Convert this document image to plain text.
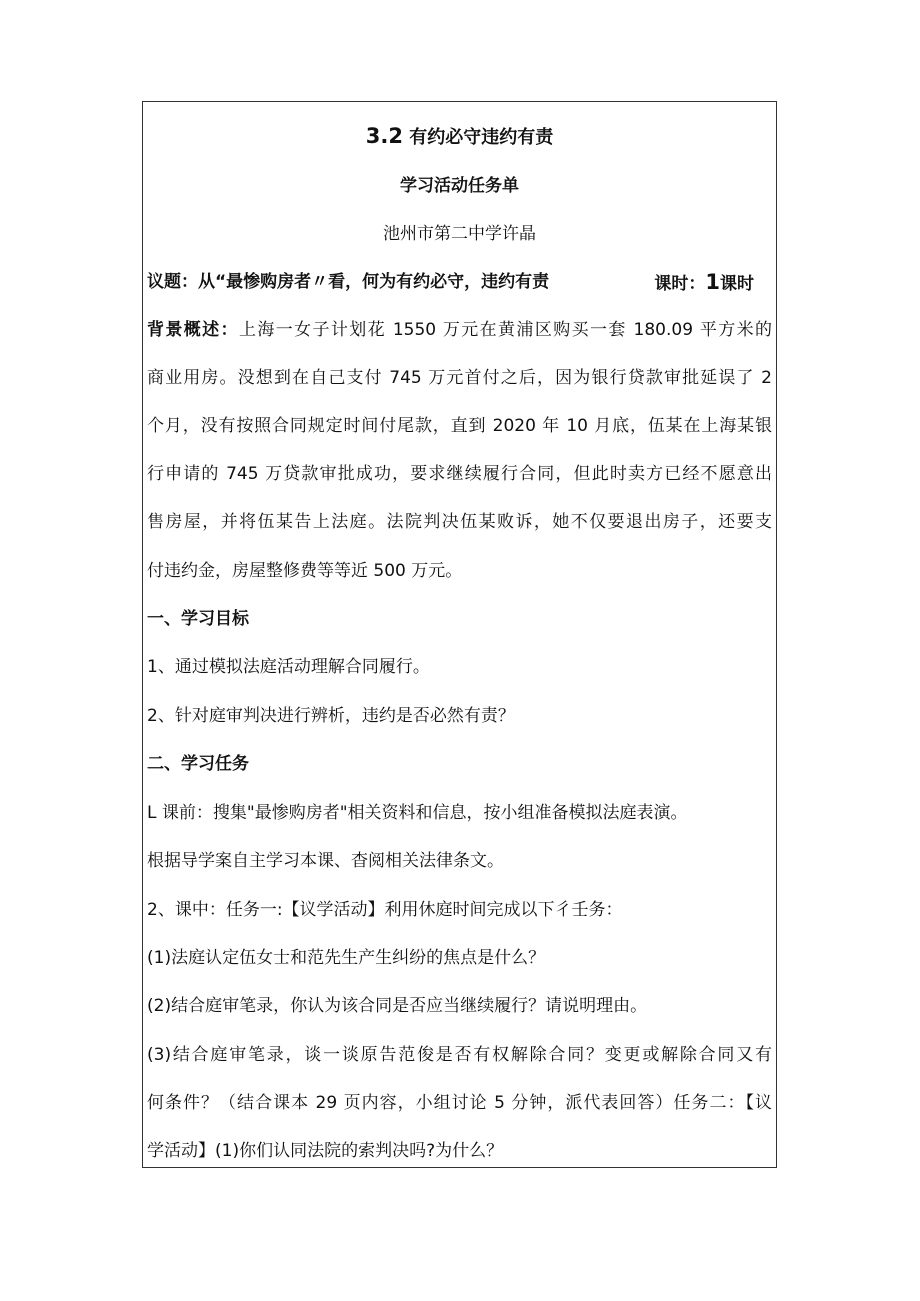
3.2 有约必守违约有责
学习活动任务单
池州市第二中学许晶
议题：从“最惨购房者〃看，何为有约必守，违约有责	课时：1课时
背景概述：上海一女子计划花 1550 万元在黄浦区购买一套 180.09 平方米的
商业用房。没想到在自己支付 745 万元首付之后，因为银行贷款审批延误了 2
个月，没有按照合同规定时间付尾款，直到 2020 年 10 月底，伍某在上海某银
行申请的 745 万贷款审批成功，要求继续履行合同，但此时卖方已经不愿意出
售房屋，并将伍某告上法庭。法院判决伍某败诉，她不仅要退出房子，还要支
付违约金，房屋整修费等等近 500 万元。
一、学习目标
1、通过模拟法庭活动理解合同履行。
2、针对庭审判决进行辨析，违约是否必然有责？
二、学习任务
L 课前：搜集"最惨购房者"相关资料和信息，按小组准备模拟法庭表演。
根据导学案自主学习本课、杳阅相关法律条文。
2、课中：任务一:【议学活动】利用休庭时间完成以下彳壬务：
(1)法庭认定伍女士和范先生产生纠纷的焦点是什么？
(2)结合庭审笔录，你认为该合同是否应当继续履行？请说明理由。
(3)结合庭审笔录，谈一谈原告范俊是否有权解除合同？变更或解除合同又有
何条件？（结合课本 29 页内容，小组讨论 5 分钟，派代表回答）任务二：【议
学活动】(1)你们认同法院的索判决吗?为什么？
